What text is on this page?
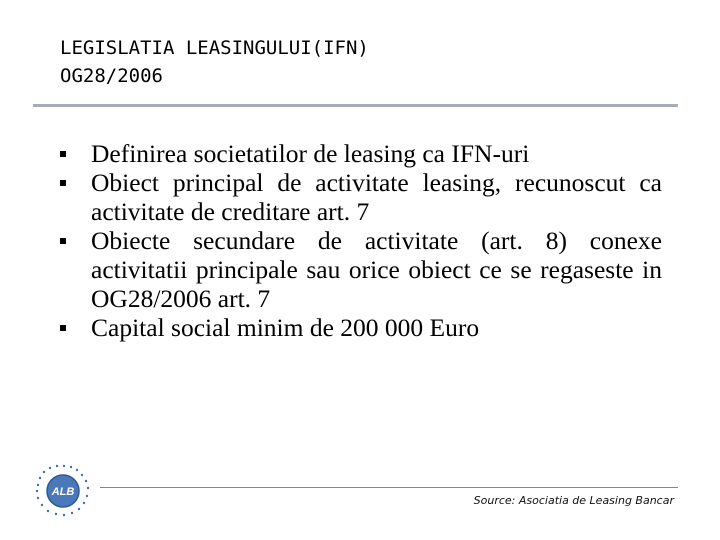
LEGISLATIA LEASINGULUI(IFN)
OG28/2006
Definirea societatilor de leasing ca IFN-uri
Obiect principal de activitate leasing, recunoscut ca activitate de creditare art. 7
Obiecte secundare de activitate (art. 8) conexe activitatii principale sau orice obiect ce se regaseste in OG28/2006 art. 7
Capital social minim de 200 000 Euro
ALB
Source: Asociatia de Leasing Bancar
